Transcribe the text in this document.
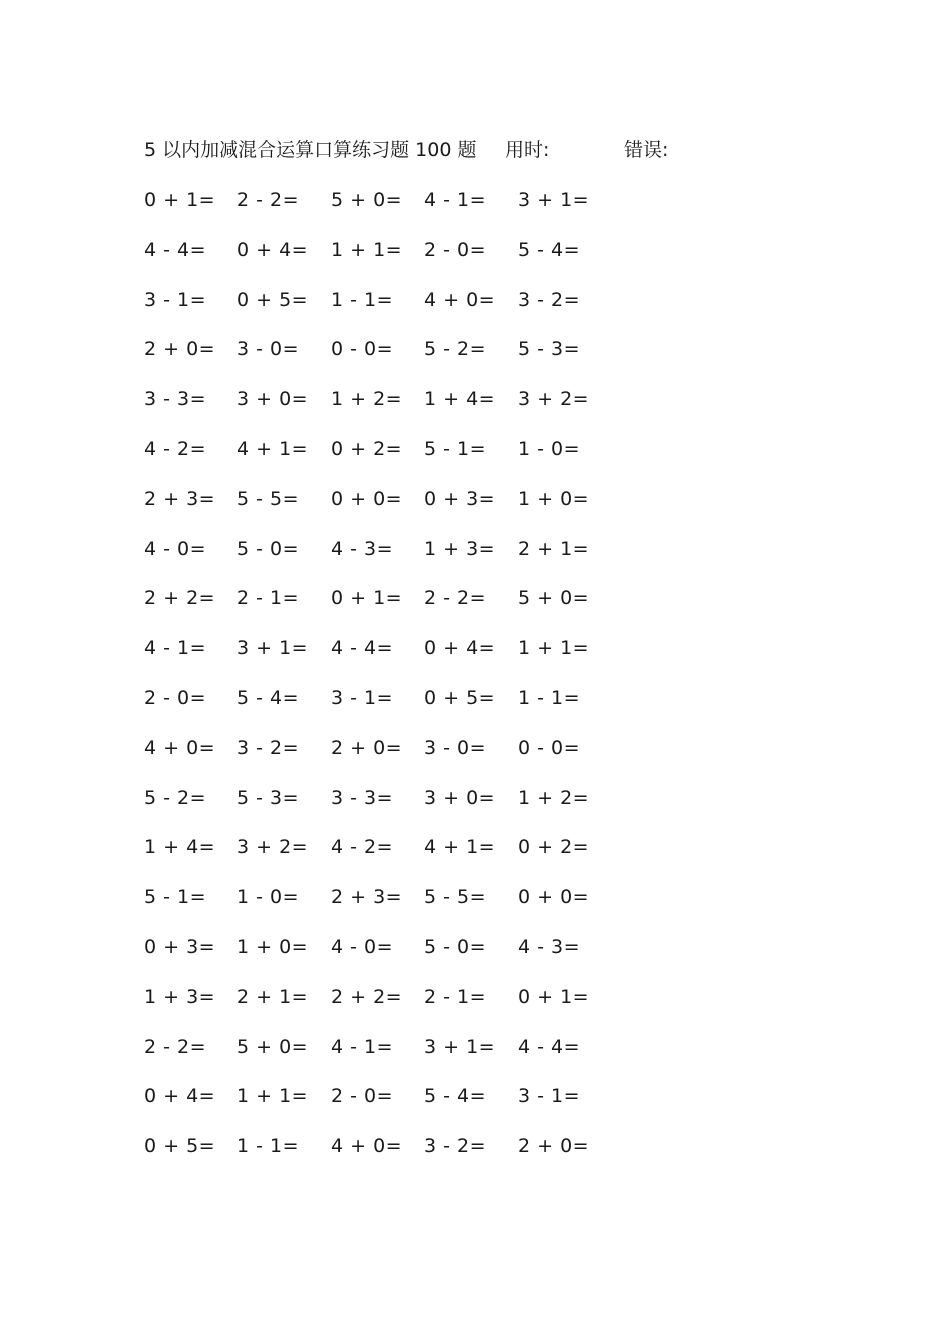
5 以内加减混合运算口算练习题 100 题 用时:	错误:
0 + 1= 2 - 2= 5 + 0= 4 - 1= 3 + 1=
4 - 4= 0 + 4= 1 + 1= 2 - 0= 5 - 4=
3 - 1= 0 + 5= 1 - 1= 4 + 0= 3 - 2=
2 + 0= 3 - 0= 0 - 0= 5 - 2= 5 - 3=
3 - 3= 3 + 0= 1 + 2= 1 + 4= 3 + 2=
4 - 2= 4 + 1= 0 + 2= 5 - 1= 1 - 0=
2 + 3= 5 - 5= 0 + 0= 0 + 3= 1 + 0=
4 - 0= 5 - 0= 4 - 3= 1 + 3= 2 + 1=
2 + 2= 2 - 1= 0 + 1= 2 - 2= 5 + 0=
4 - 1= 3 + 1= 4 - 4= 0 + 4= 1 + 1=
2 - 0= 5 - 4= 3 - 1= 0 + 5= 1 - 1=
4 + 0= 3 - 2= 2 + 0= 3 - 0= 0 - 0=
5 - 2= 5 - 3= 3 - 3= 3 + 0= 1 + 2=
1 + 4= 3 + 2= 4 - 2= 4 + 1= 0 + 2=
5 - 1= 1 - 0= 2 + 3= 5 - 5= 0 + 0=
0 + 3= 1 + 0= 4 - 0= 5 - 0= 4 - 3=
1 + 3= 2 + 1= 2 + 2= 2 - 1= 0 + 1=
2 - 2= 5 + 0= 4 - 1= 3 + 1= 4 - 4=
0 + 4= 1 + 1= 2 - 0= 5 - 4= 3 - 1=
0 + 5= 1 - 1= 4 + 0= 3 - 2= 2 + 0=
